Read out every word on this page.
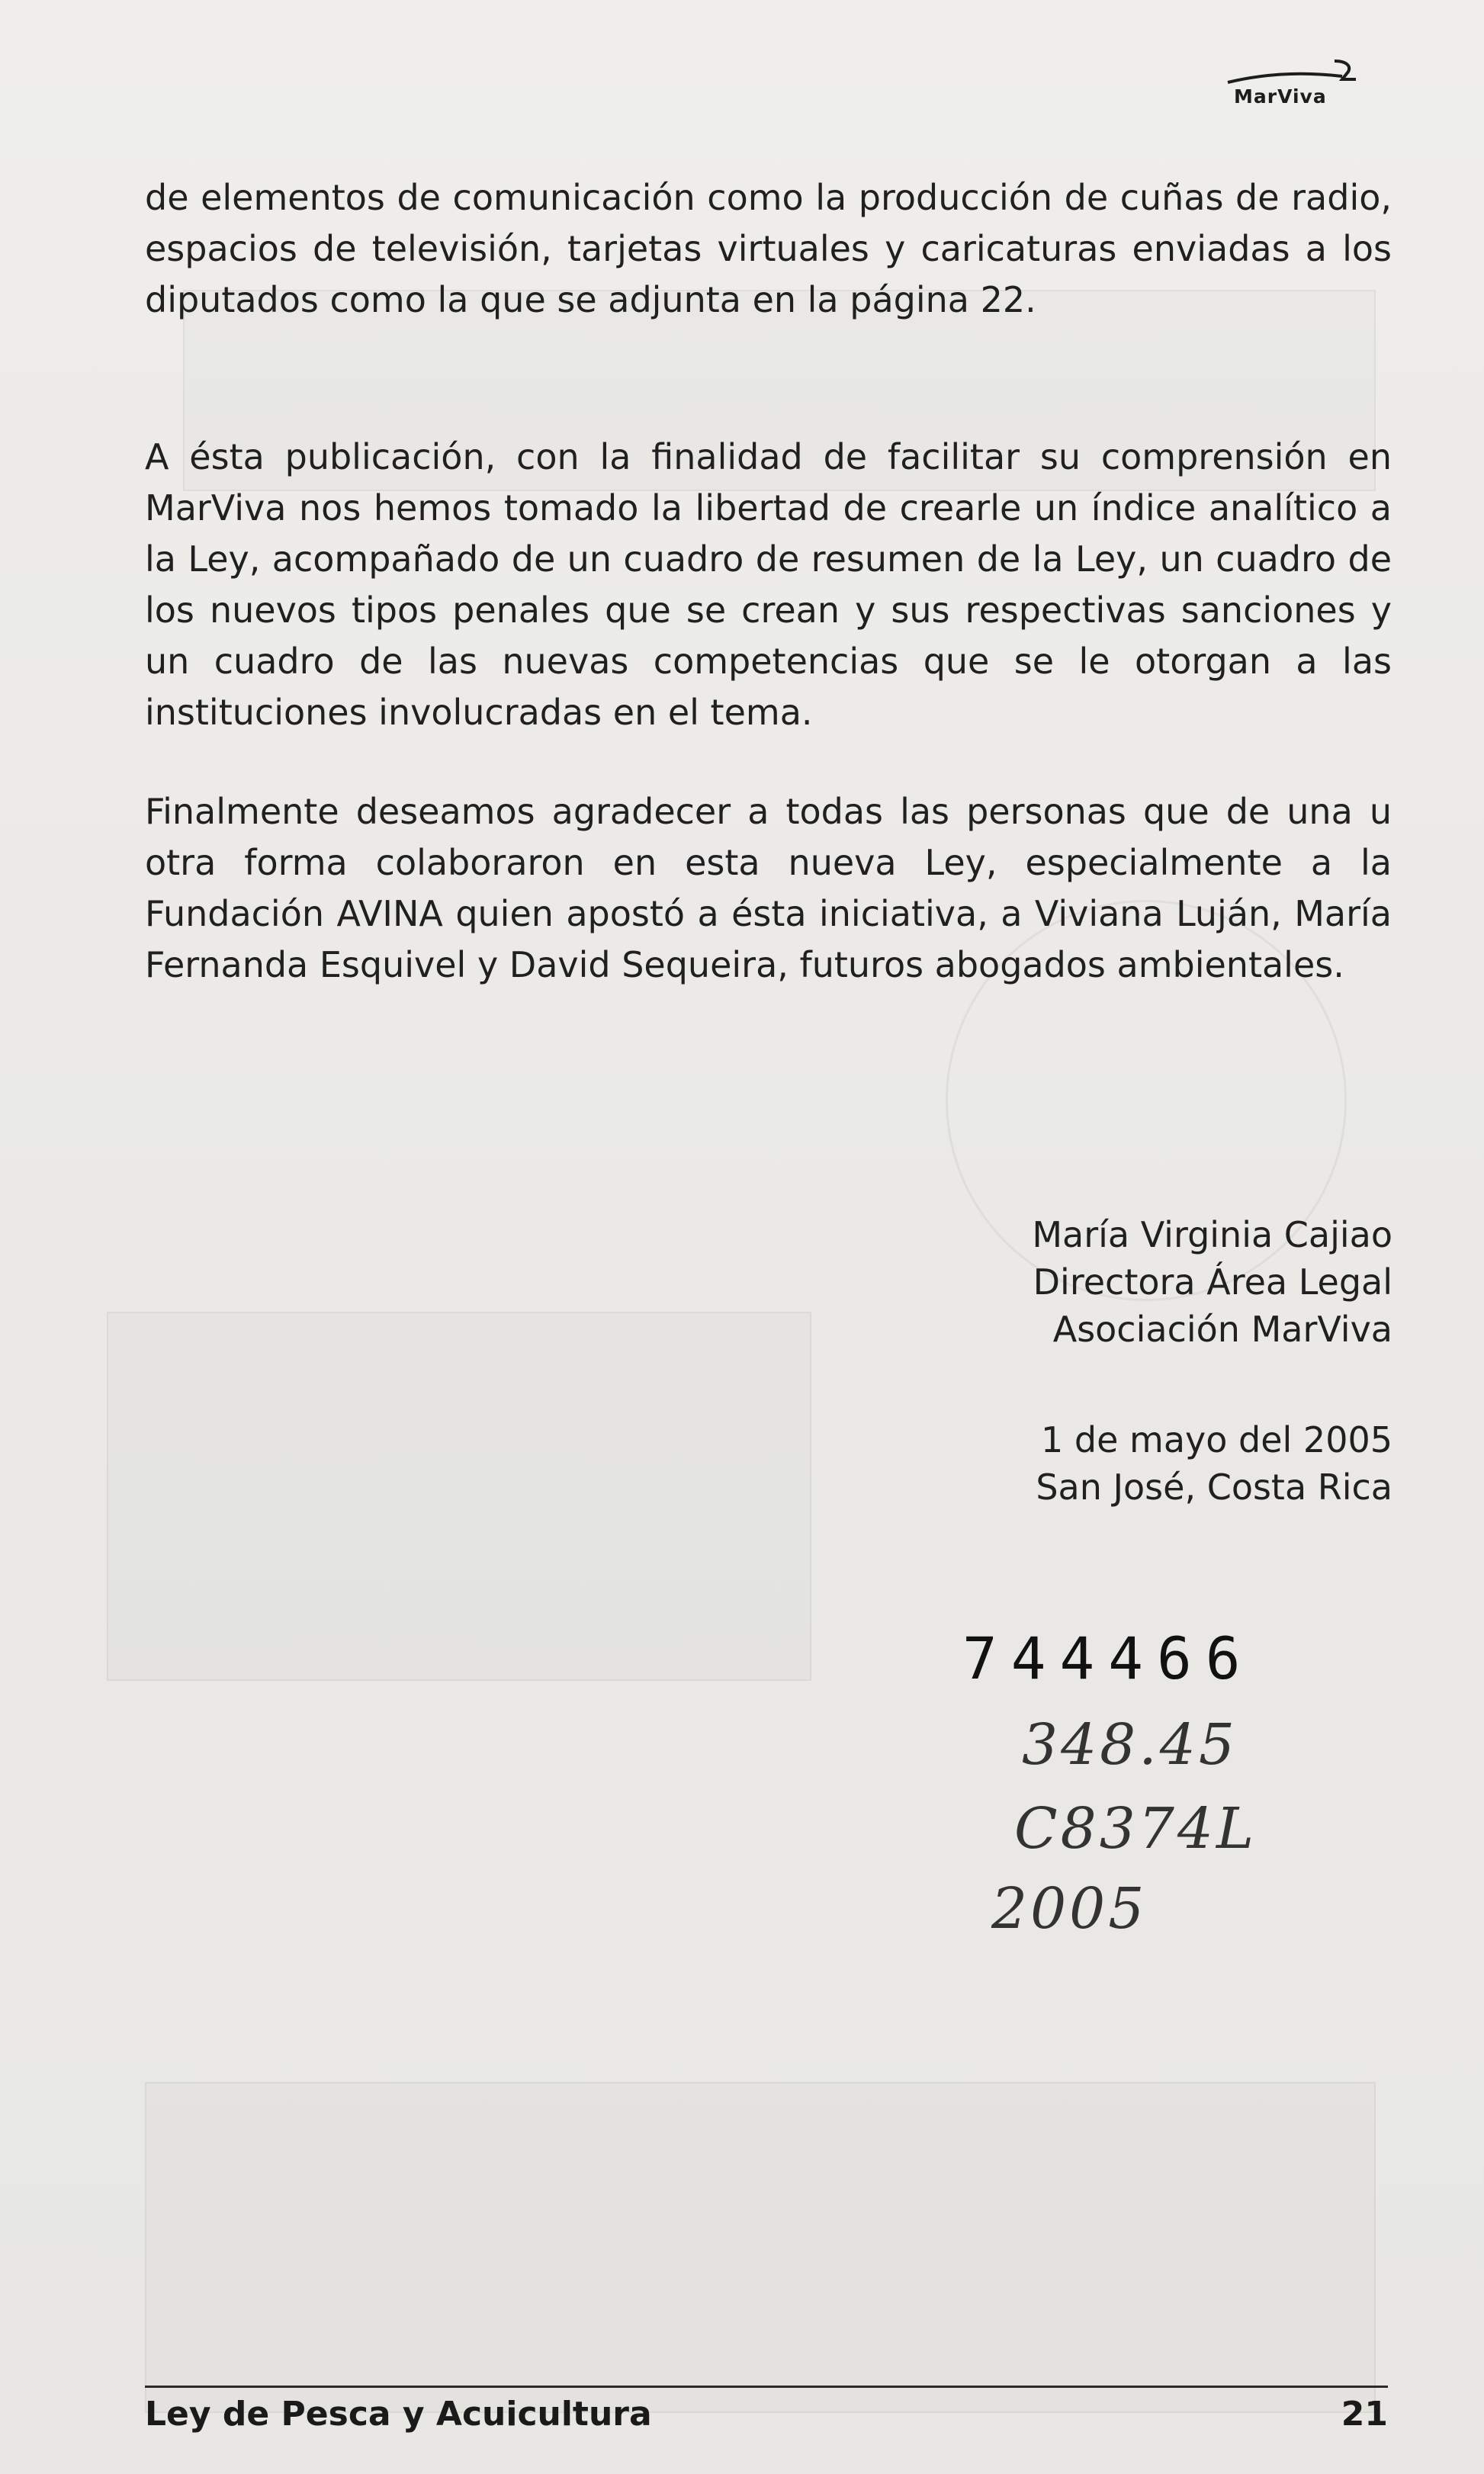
MarViva

de elementos de comunicación como la producción de cuñas de radio, espacios de televisión, tarjetas virtuales y caricaturas enviadas a los diputados como la que se adjunta en la página 22.

A ésta publicación, con la finalidad de facilitar su comprensión en MarViva nos hemos tomado la libertad de crearle un índice analítico a la Ley, acompañado de un cuadro de resumen de la Ley, un cuadro de los nuevos tipos penales que se crean y sus respectivas sanciones y un cuadro de las nuevas competencias que se le otorgan a las instituciones involucradas en el tema.

Finalmente deseamos agradecer a todas las personas que de una u otra forma colaboraron en esta nueva Ley, especialmente a la Fundación AVINA quien apostó a ésta iniciativa, a Viviana Luján, María Fernanda Esquivel y David Sequeira, futuros abogados ambientales.

María Virginia Cajiao
Directora Área Legal
Asociación MarViva
1 de mayo del 2005
San José, Costa Rica
744466
348.45
C8374L
2005
Ley de Pesca y Acuicultura	21
